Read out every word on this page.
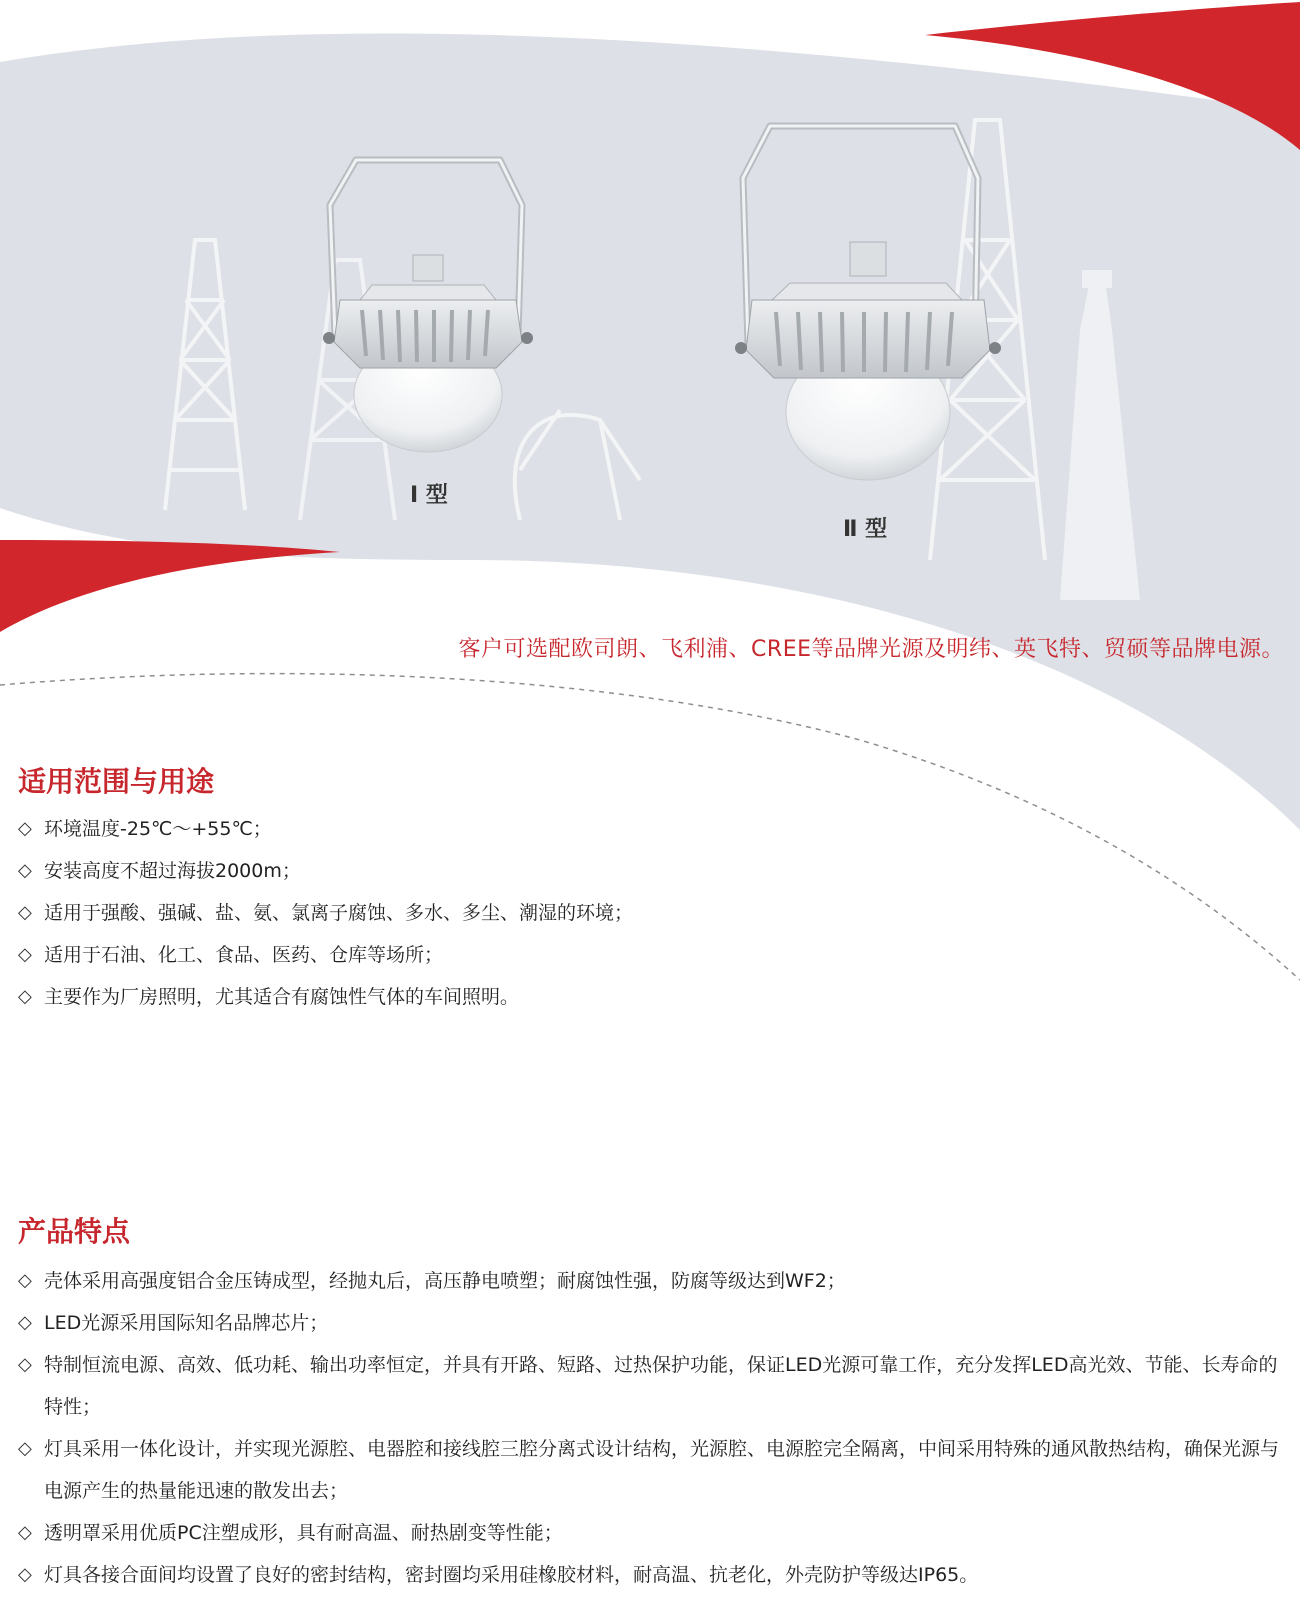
Ⅰ 型
Ⅱ 型
客户可选配欧司朗、飞利浦、CREE等品牌光源及明纬、英飞特、贸硕等品牌电源。
适用范围与用途
◇ 环境温度-25℃～+55℃；
◇ 安装高度不超过海拔2000m；
◇ 适用于强酸、强碱、盐、氨、氯离子腐蚀、多水、多尘、潮湿的环境；
◇ 适用于石油、化工、食品、医药、仓库等场所；
◇ 主要作为厂房照明，尤其适合有腐蚀性气体的车间照明。
产品特点
◇ 壳体采用高强度铝合金压铸成型，经抛丸后，高压静电喷塑；耐腐蚀性强，防腐等级达到WF2；
◇ LED光源采用国际知名品牌芯片；
◇ 特制恒流电源、高效、低功耗、输出功率恒定，并具有开路、短路、过热保护功能，保证LED光源可靠工作，充分发挥LED高光效、节能、长寿命的特性；
◇ 灯具采用一体化设计，并实现光源腔、电器腔和接线腔三腔分离式设计结构，光源腔、电源腔完全隔离，中间采用特殊的通风散热结构，确保光源与电源产生的热量能迅速的散发出去；
◇ 透明罩采用优质PC注塑成形，具有耐高温、耐热剧变等性能；
◇ 灯具各接合面间均设置了良好的密封结构，密封圈均采用硅橡胶材料，耐高温、抗老化，外壳防护等级达IP65。
